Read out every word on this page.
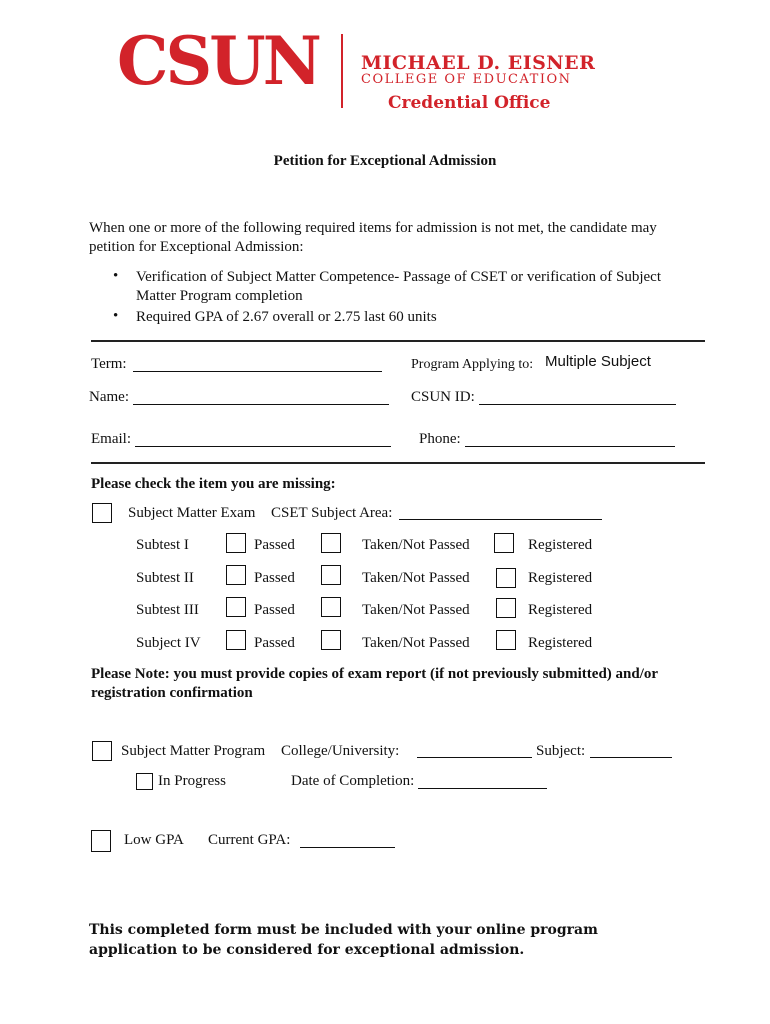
CSUN MICHAEL D. EISNER
COLLEGE OF EDUCATION
Credential Office
Petition for Exceptional Admission
When one or more of the following required items for admission is not met, the candidate may petition for Exceptional Admission:
• Verification of Subject Matter Competence- Passage of CSET or verification of Subject Matter Program completion
• Required GPA of 2.67 overall or 2.75 last 60 units
Term:	Program Applying to: Multiple Subject
Name:	CSUN ID:
Email:	Phone:
Please check the item you are missing:
Subject Matter Exam CSET Subject Area:
Subtest I	Passed	Taken/Not Passed	Registered
Subtest II	Passed	Taken/Not Passed	Registered
Subtest III	Passed	Taken/Not Passed	Registered
Subject IV	Passed	Taken/Not Passed	Registered
Please Note: you must provide copies of exam report (if not previously submitted) and/or registration confirmation
Subject Matter Program College/University:	Subject:
In Progress	Date of Completion:
Low GPA Current GPA:
This completed form must be included with your online program application to be considered for exceptional admission.
